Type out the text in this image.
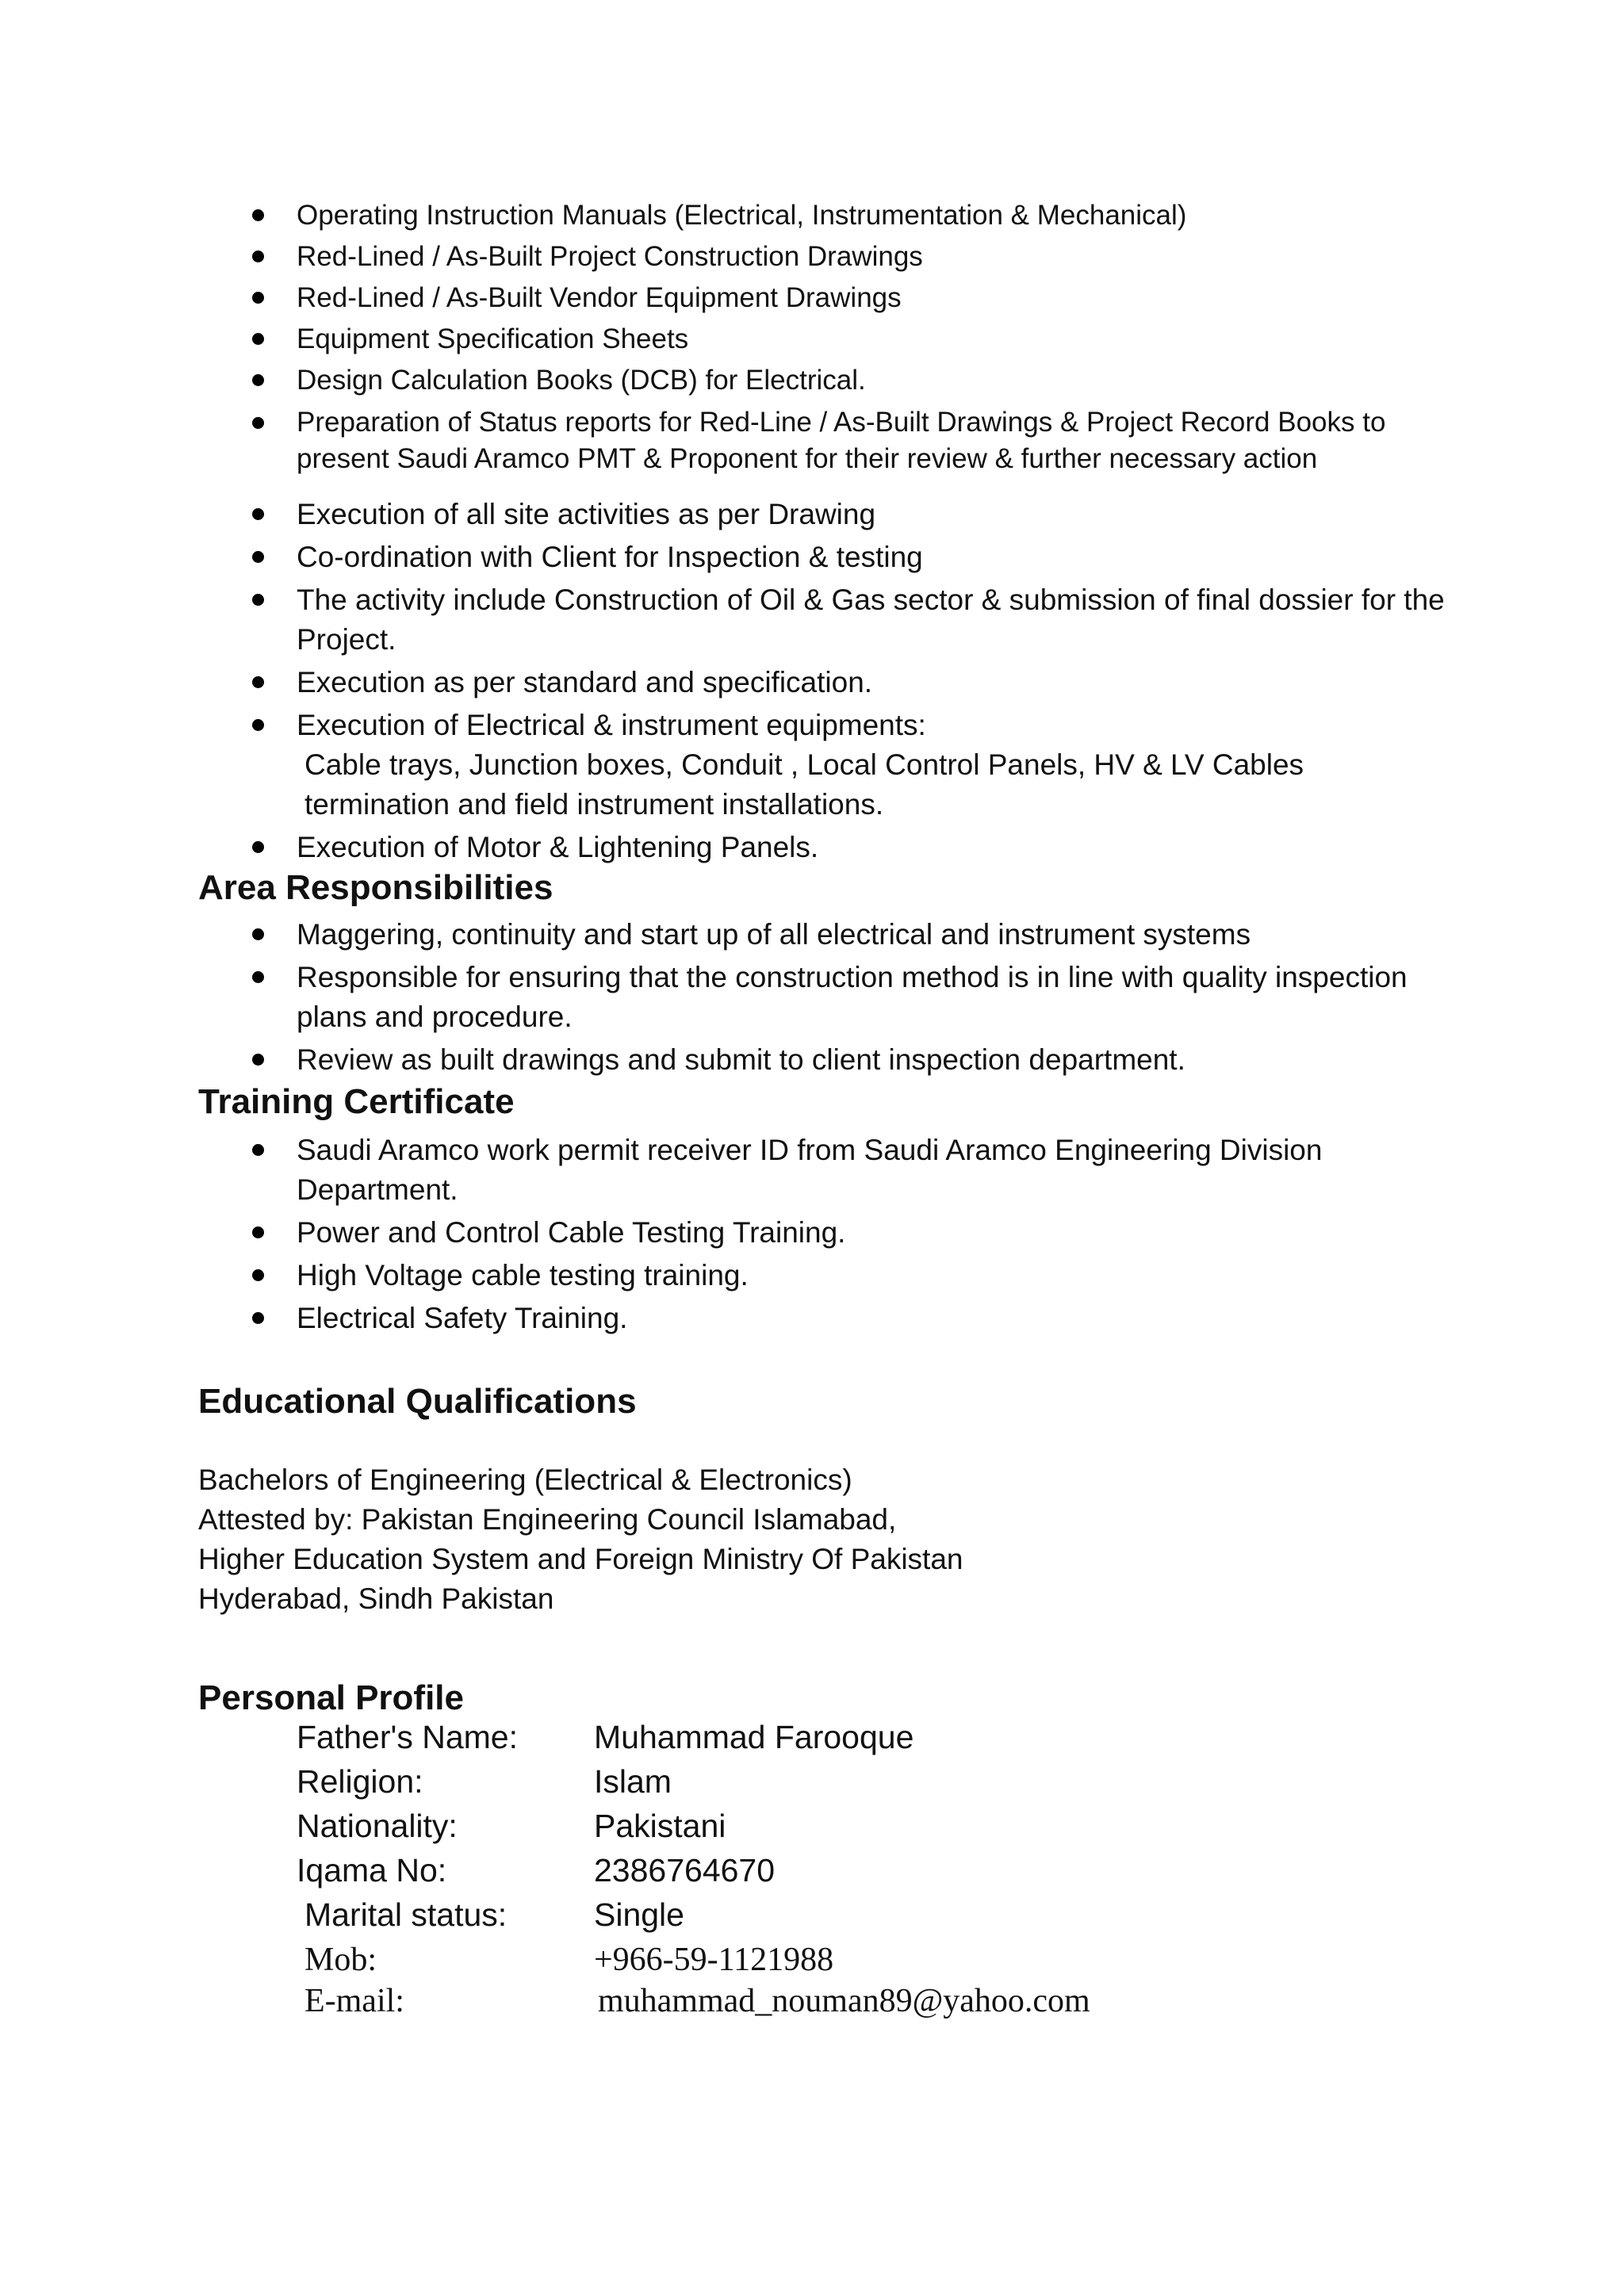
Operating Instruction Manuals (Electrical, Instrumentation & Mechanical)
Red-Lined / As-Built Project Construction Drawings
Red-Lined / As-Built Vendor Equipment Drawings
Equipment Specification Sheets
Design Calculation Books (DCB) for Electrical.
Preparation of Status reports for Red-Line / As-Built Drawings & Project Record Books to present Saudi Aramco PMT & Proponent for their review & further necessary action
Execution of all site activities as per Drawing
Co-ordination with Client for Inspection & testing
The activity include Construction of Oil & Gas sector & submission of final dossier for the Project.
Execution as per standard and specification.
Execution of Electrical & instrument equipments:
Cable trays, Junction boxes, Conduit , Local Control Panels, HV & LV Cables termination and field instrument installations.
Execution of Motor & Lightening Panels.
Area Responsibilities
Maggering, continuity and start up of all electrical and instrument systems
Responsible for ensuring that the construction method is in line with quality inspection plans and procedure.
Review as built drawings and submit to client inspection department.
Training Certificate
Saudi Aramco work permit receiver ID from Saudi Aramco Engineering Division Department.
Power and Control Cable Testing Training.
High Voltage cable testing training.
Electrical Safety Training.
Educational Qualifications
Bachelors of Engineering (Electrical & Electronics)
Attested by: Pakistan Engineering Council Islamabad,
Higher Education System and Foreign Ministry Of Pakistan
Hyderabad, Sindh Pakistan
Personal Profile
Father's Name: Muhammad Farooque
Religion:	Islam
Nationality:	Pakistani
Iqama No:	2386764670
Marital status:	Single
Mob:	+966-59-1121988
E-mail:	muhammad_nouman89@yahoo.com
